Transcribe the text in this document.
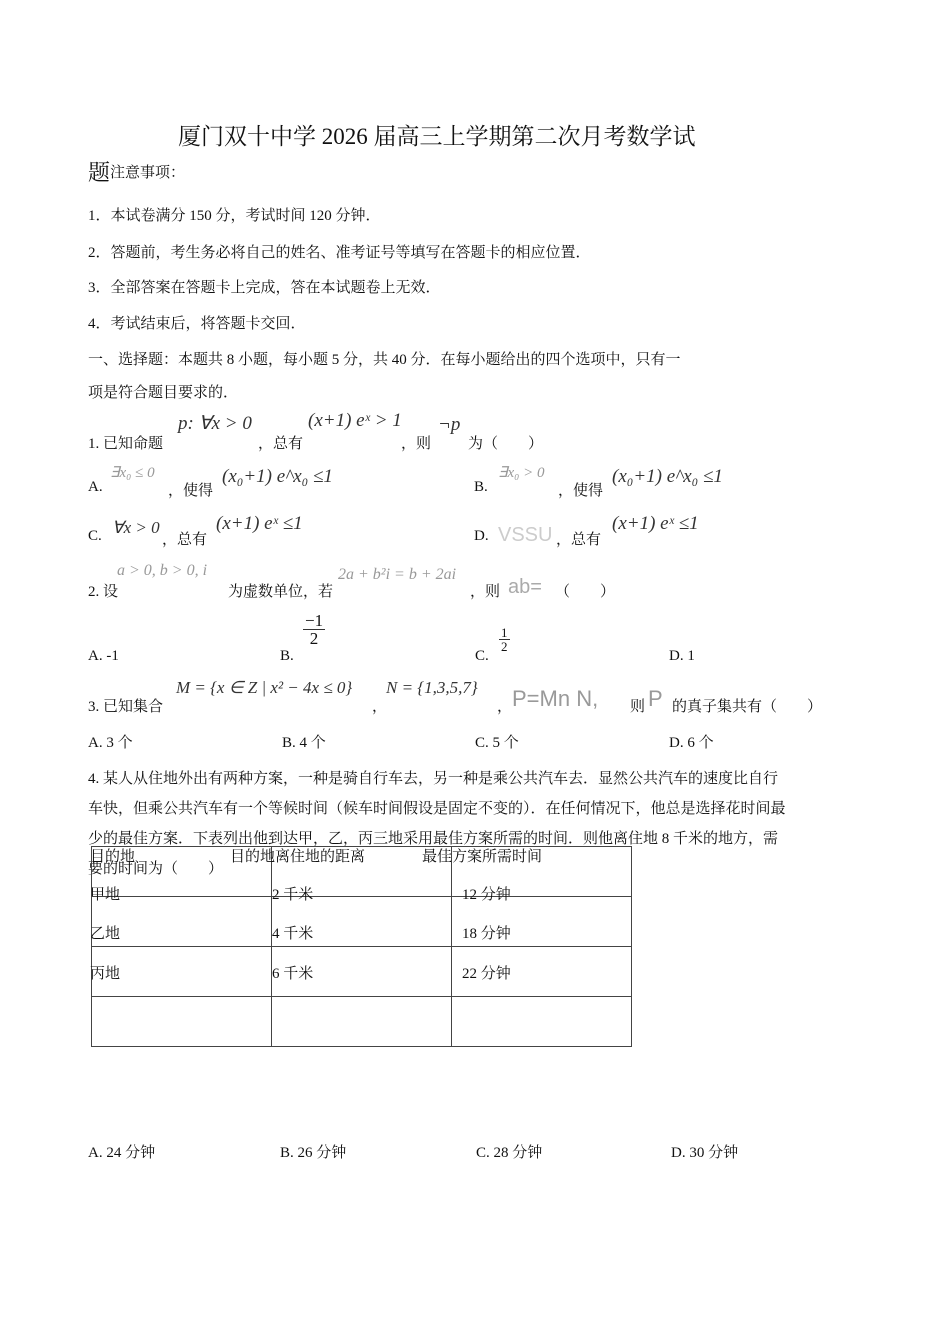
厦门双十中学 2026 届高三上学期第二次月考数学试
题 注意事项：
1．本试卷满分 150 分，考试时间 120 分钟．
2．答题前，考生务必将自己的姓名、准考证号等填写在答题卡的相应位置．
3．全部答案在答题卡上完成，答在本试题卷上无效．
4．考试结束后，将答题卡交回．
一、选择题：本题共 8 小题，每小题 5 分，共 40 分．在每小题给出的四个选项中，只有一
项是符合题目要求的．
1. 已知命题
p: ∀x > 0
，总有
(x+1) eˣ > 1
，则
¬p
为（　　）
A.
∃x₀ ≤ 0
，使得
(x₀+1) e^x₀ ≤1	B.
∃x₀ > 0
，使得
(x₀+1) e^x₀ ≤1
C. ∀x > 0
，总有
(x+1) eˣ ≤1
D. VSSU ，总有
(x+1) eˣ ≤1
2. 设
a > 0, b > 0, i
为虚数单位，若
2a + b²i = b + 2ai
，则 ab= （　　）
A. -1	B.
$\frac{-1}{2}$
C.
$\frac{1}{2}$
D. 1
3. 已知集合
M = {x ∈ Z | x² − 4x ≤ 0}
，
N = {1,3,5,7}
， P=Mn N, 则 P 的真子集共有（　　）
A. 3 个	B. 4 个	C. 5 个	D. 6 个
4. 某人从住地外出有两种方案，一种是骑自行车去，另一种是乘公共汽车去．显然公共汽车的速度比自行
车快，但乘公共汽车有一个等候时间（候车时间假设是固定不变的）．在任何情况下，他总是选择花时间最
少的最佳方案．下表列出他到达甲，乙，丙三地采用最佳方案所需的时间．则他离住地 8 千米的地方，需
要的时间为（　　）

目的地	目的地离住地的距离	最佳方案所需时间
甲地	2 千米	12 分钟
乙地	4 千米	18 分钟
丙地	6 千米	22 分钟
A. 24 分钟	B. 26 分钟	C. 28 分钟	D. 30 分钟
